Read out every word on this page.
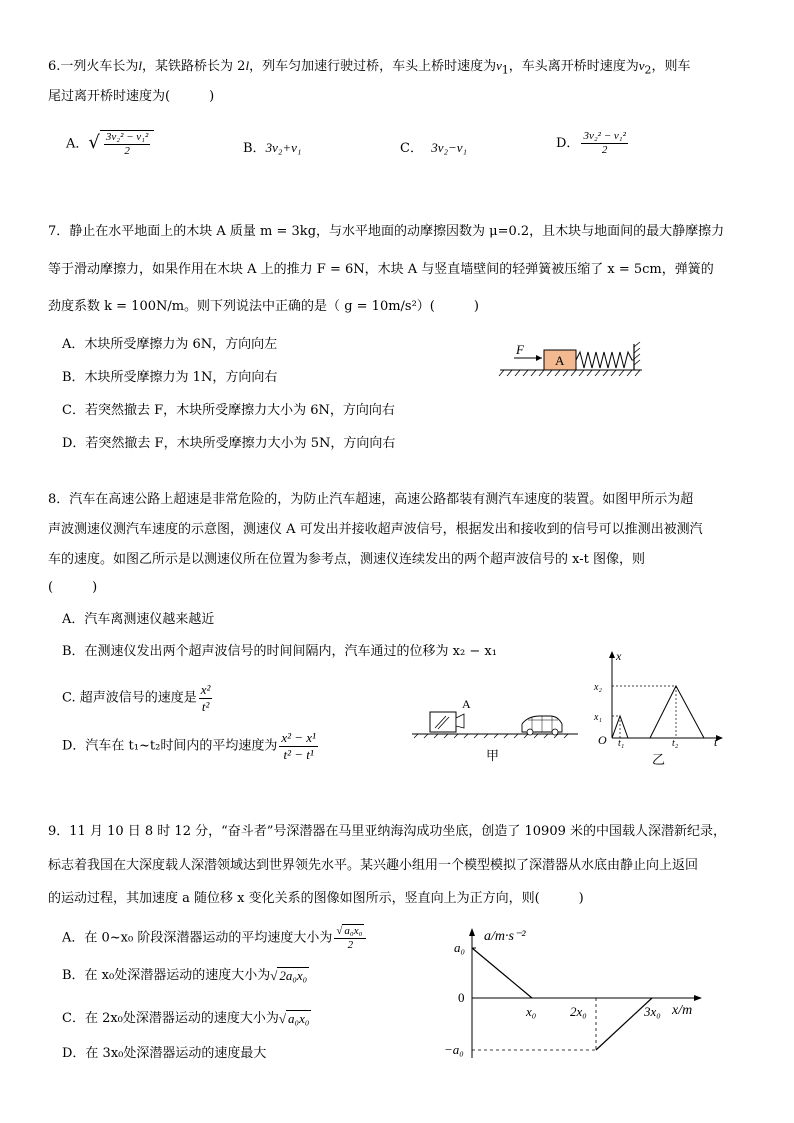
6.一列火车长为l，某铁路桥长为 2l，列车匀加速行驶过桥，车头上桥时速度为$v_1$，车头离开桥时速度为$v_2$，则车
尾过离开桥时速度为(　　　)
A．√ $\frac{\text{3v₂² − v₁²}}{2}$	B．3v₂+v₁	C． 3v₂−v₁	D． $\frac{\text{3v₂² − v₁²}}{2}$
7．静止在水平地面上的木块 A 质量 m = 3kg，与水平地面的动摩擦因数为 μ=0.2，且木块与地面间的最大静摩擦力
等于滑动摩擦力，如果作用在木块 A 上的推力 F = 6N，木块 A 与竖直墙壁间的轻弹簧被压缩了 x = 5cm，弹簧的
劲度系数 k = 100N/m。则下列说法中正确的是（ g = 10m/s²）(　　　)
A．木块所受摩擦力为 6N，方向向左
B．木块所受摩擦力为 1N，方向向右
C．若突然撤去 F，木块所受摩擦力大小为 6N，方向向右
D．若突然撤去 F，木块所受摩擦力大小为 5N，方向向右
A
F
8．汽车在高速公路上超速是非常危险的，为防止汽车超速，高速公路都装有测汽车速度的装置。如图甲所示为超
声波测速仪测汽车速度的示意图，测速仪 A 可发出并接收超声波信号，根据发出和接收到的信号可以推测出被测汽
车的速度。如图乙所示是以测速仪所在位置为参考点，测速仪连续发出的两个超声波信号的 x-t 图像，则
(　　　)
A．汽车离测速仪越来越近
B．在测速仪发出两个超声波信号的时间间隔内，汽车通过的位移为 x₂ − x₁
C. 超声波信号的速度是 $\frac{\text{x²}}{\text{t²}}$
D．汽车在 t₁~t₂时间内的平均速度为 $\frac{\text{x² − x¹}}{\text{t² − t¹}}$
A
甲
x
t
O
x₁
x₂
t₁	t₂
乙
9．11 月 10 日 8 时 12 分，“奋斗者”号深潜器在马里亚纳海沟成功坐底，创造了 10909 米的中国载人深潜新纪录，
标志着我国在大深度载人深潜领域达到世界领先水平。某兴趣小组用一个模型模拟了深潜器从水底由静止向上返回
的运动过程，其加速度 a 随位移 x 变化关系的图像如图所示，竖直向上为正方向，则(　　　)
A．在 0~x₀ 阶段深潜器运动的平均速度大小为 $\frac{\text{√ a₀x₀}}{2}$
B．在 x₀处深潜器运动的速度大小为√ 2a₀x₀
C．在 2x₀处深潜器运动的速度大小为√ a₀x₀
D．在 3x₀处深潜器运动的速度最大
a/m·s⁻²
x/m
a₀
0
−a₀
x₀	2x₀	3x₀
